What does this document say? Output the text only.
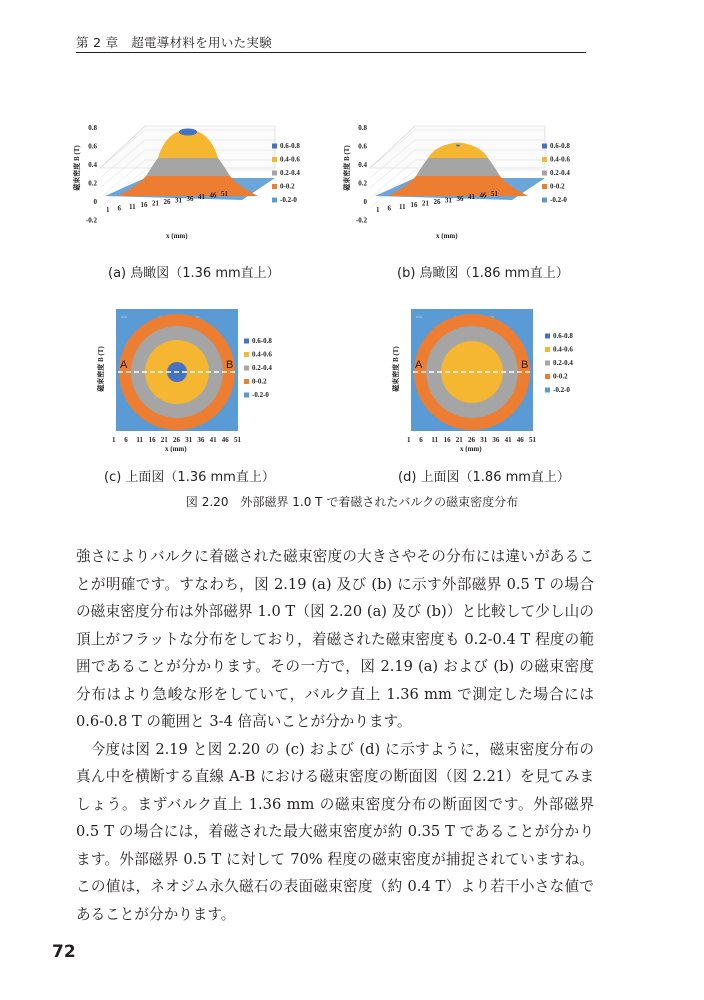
第 2 章　超電導材料を用いた実験
0.8
0.6
0.4
0.2
0
-0.2
磁束密度 B (T)
1 6 11 16 21 26 31 36 41 46 51
x (mm)
0.6-0.8
0.4-0.6
0.2-0.4
0-0.2
-0.2-0
(a) 鳥瞰図（1.36 mm直上）
0.8
0.6
0.4
0.2
0
-0.2
磁束密度 B (T)
1 6 11 16 21 26 31 36 41 46 51
x (mm)
0.6-0.8
0.4-0.6
0.2-0.4
0-0.2
-0.2-0
(b) 鳥瞰図（1.86 mm直上）
A	B
磁束密度 B (T)
1 6 11 16 21 26 31 36 41 46 51
x (mm)
0.6-0.8
0.4-0.6
0.2-0.4
0-0.2
-0.2-0
(c) 上面図（1.36 mm直上）
A	B
磁束密度 B (T)
1 6 11 16 21 26 31 36 41 46 51
x (mm)
0.6-0.8
0.4-0.6
0.2-0.4
0-0.2
-0.2-0
(d) 上面図（1.86 mm直上）
図 2.20　外部磁界 1.0 T で着磁されたバルクの磁束密度分布

強さによりバルクに着磁された磁束密度の大きさやその分布には違いがあることが明確です。すなわち，図 2.19 (a) 及び (b) に示す外部磁界 0.5 T の場合の磁束密度分布は外部磁界 1.0 T（図 2.20 (a) 及び (b)）と比較して少し山の頂上がフラットな分布をしており，着磁された磁束密度も 0.2-0.4 T 程度の範囲であることが分かります。その一方で，図 2.19 (a) および (b) の磁束密度分布はより急峻な形をしていて，バルク直上 1.36 mm で測定した場合には 0.6-0.8 T の範囲と 3-4 倍高いことが分かります。

今度は図 2.19 と図 2.20 の (c) および (d) に示すように，磁束密度分布の真ん中を横断する直線 A-B における磁束密度の断面図（図 2.21）を見てみましょう。まずバルク直上 1.36 mm の磁束密度分布の断面図です。外部磁界 0.5 T の場合には，着磁された最大磁束密度が約 0.35 T であることが分かります。外部磁界 0.5 T に対して 70% 程度の磁束密度が捕捉されていますね。この値は，ネオジム永久磁石の表面磁束密度（約 0.4 T）より若干小さな値であることが分かります。

72
